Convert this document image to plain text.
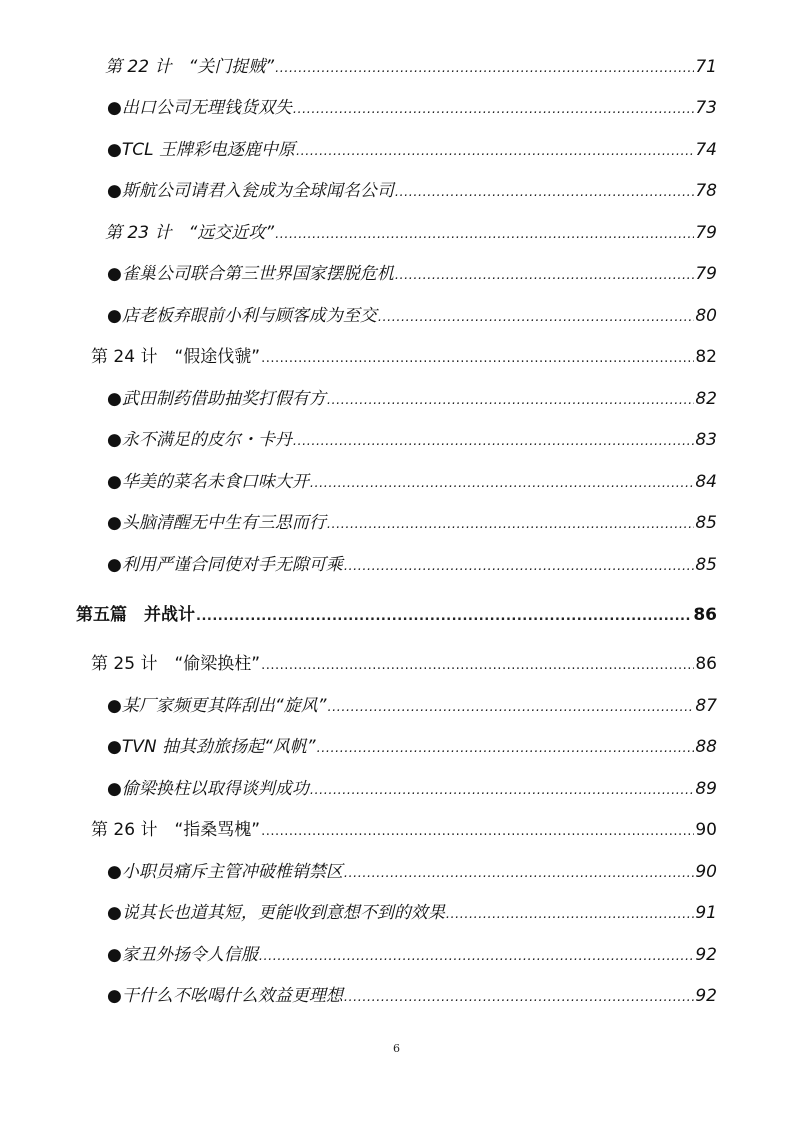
第 22 计　“关门捉贼” .....	71
●出口公司无理钱货双失 .....	73
●TCL 王牌彩电逐鹿中原 .....	74
●斯航公司请君入瓮成为全球闻名公司 .....	78
第 23 计　“远交近攻” .....	79
●雀巢公司联合第三世界国家摆脱危机 .....	79
●店老板弃眼前小利与顾客成为至交 .....	80
第 24 计　“假途伐虢” .....	82
●武田制药借助抽奖打假有方 .....	82
●永不满足的皮尔・卡丹 .....	83
●华美的菜名未食口味大开 .....	84
●头脑清醒无中生有三思而行 .....	85
●利用严谨合同使对手无隙可乘 .....	85
第五篇　并战计 .....	86
第 25 计　“偷梁换柱” .....	86
●某厂家频更其阵刮出“旋风” .....	87
●TVN 抽其劲旅扬起“风帆” .....	88
●偷梁换柱以取得谈判成功 .....	89
第 26 计　“指桑骂槐” .....	90
●小职员痛斥主管冲破椎销禁区 .....	90
●说其长也道其短，更能收到意想不到的效果 .....	91
●家丑外扬令人信服 .....	92
●干什么不吆喝什么效益更理想 .....	92
6
